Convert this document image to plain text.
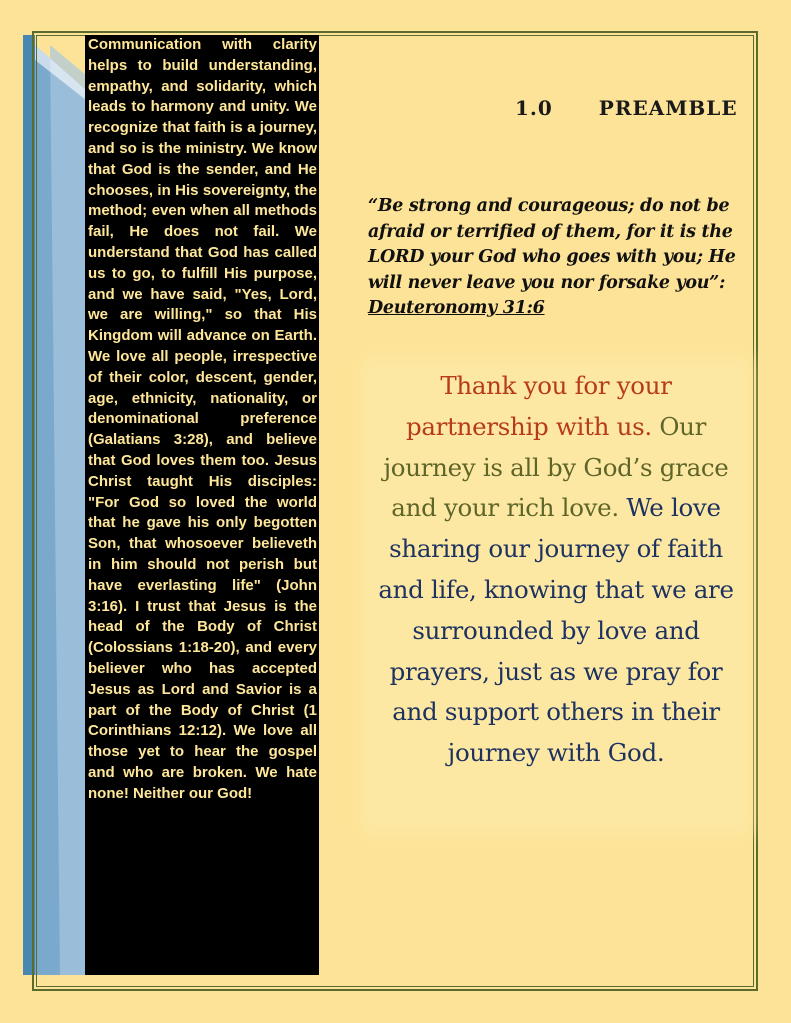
Communication with clarity helps to build understanding, empathy, and solidarity, which leads to harmony and unity. We recognize that faith is a journey, and so is the ministry. We know that God is the sender, and He chooses, in His sovereignty, the method; even when all methods fail, He does not fail. We understand that God has called us to go, to fulfill His purpose, and we have said, "Yes, Lord, we are willing," so that His Kingdom will advance on Earth. We love all people, irrespective of their color, descent, gender, age, ethnicity, nationality, or denominational preference (Galatians 3:28), and believe that God loves them too. Jesus Christ taught His disciples: "For God so loved the world that he gave his only begotten Son, that whosoever believeth in him should not perish but have everlasting life" (John 3:16). I trust that Jesus is the head of the Body of Christ (Colossians 1:18-20), and every believer who has accepted Jesus as Lord and Savior is a part of the Body of Christ (1 Corinthians 12:12). We love all those yet to hear the gospel and who are broken. We hate none! Neither our God!

1.0 PREAMBLE

“Be strong and courageous; do not be afraid or terrified of them, for it is the LORD your God who goes with you; He will never leave you nor forsake you”: Deuteronomy 31:6

Thank you for your partnership with us. Our journey is all by God’s grace and your rich love. We love sharing our journey of faith and life, knowing that we are surrounded by love and prayers, just as we pray for and support others in their journey with God.
